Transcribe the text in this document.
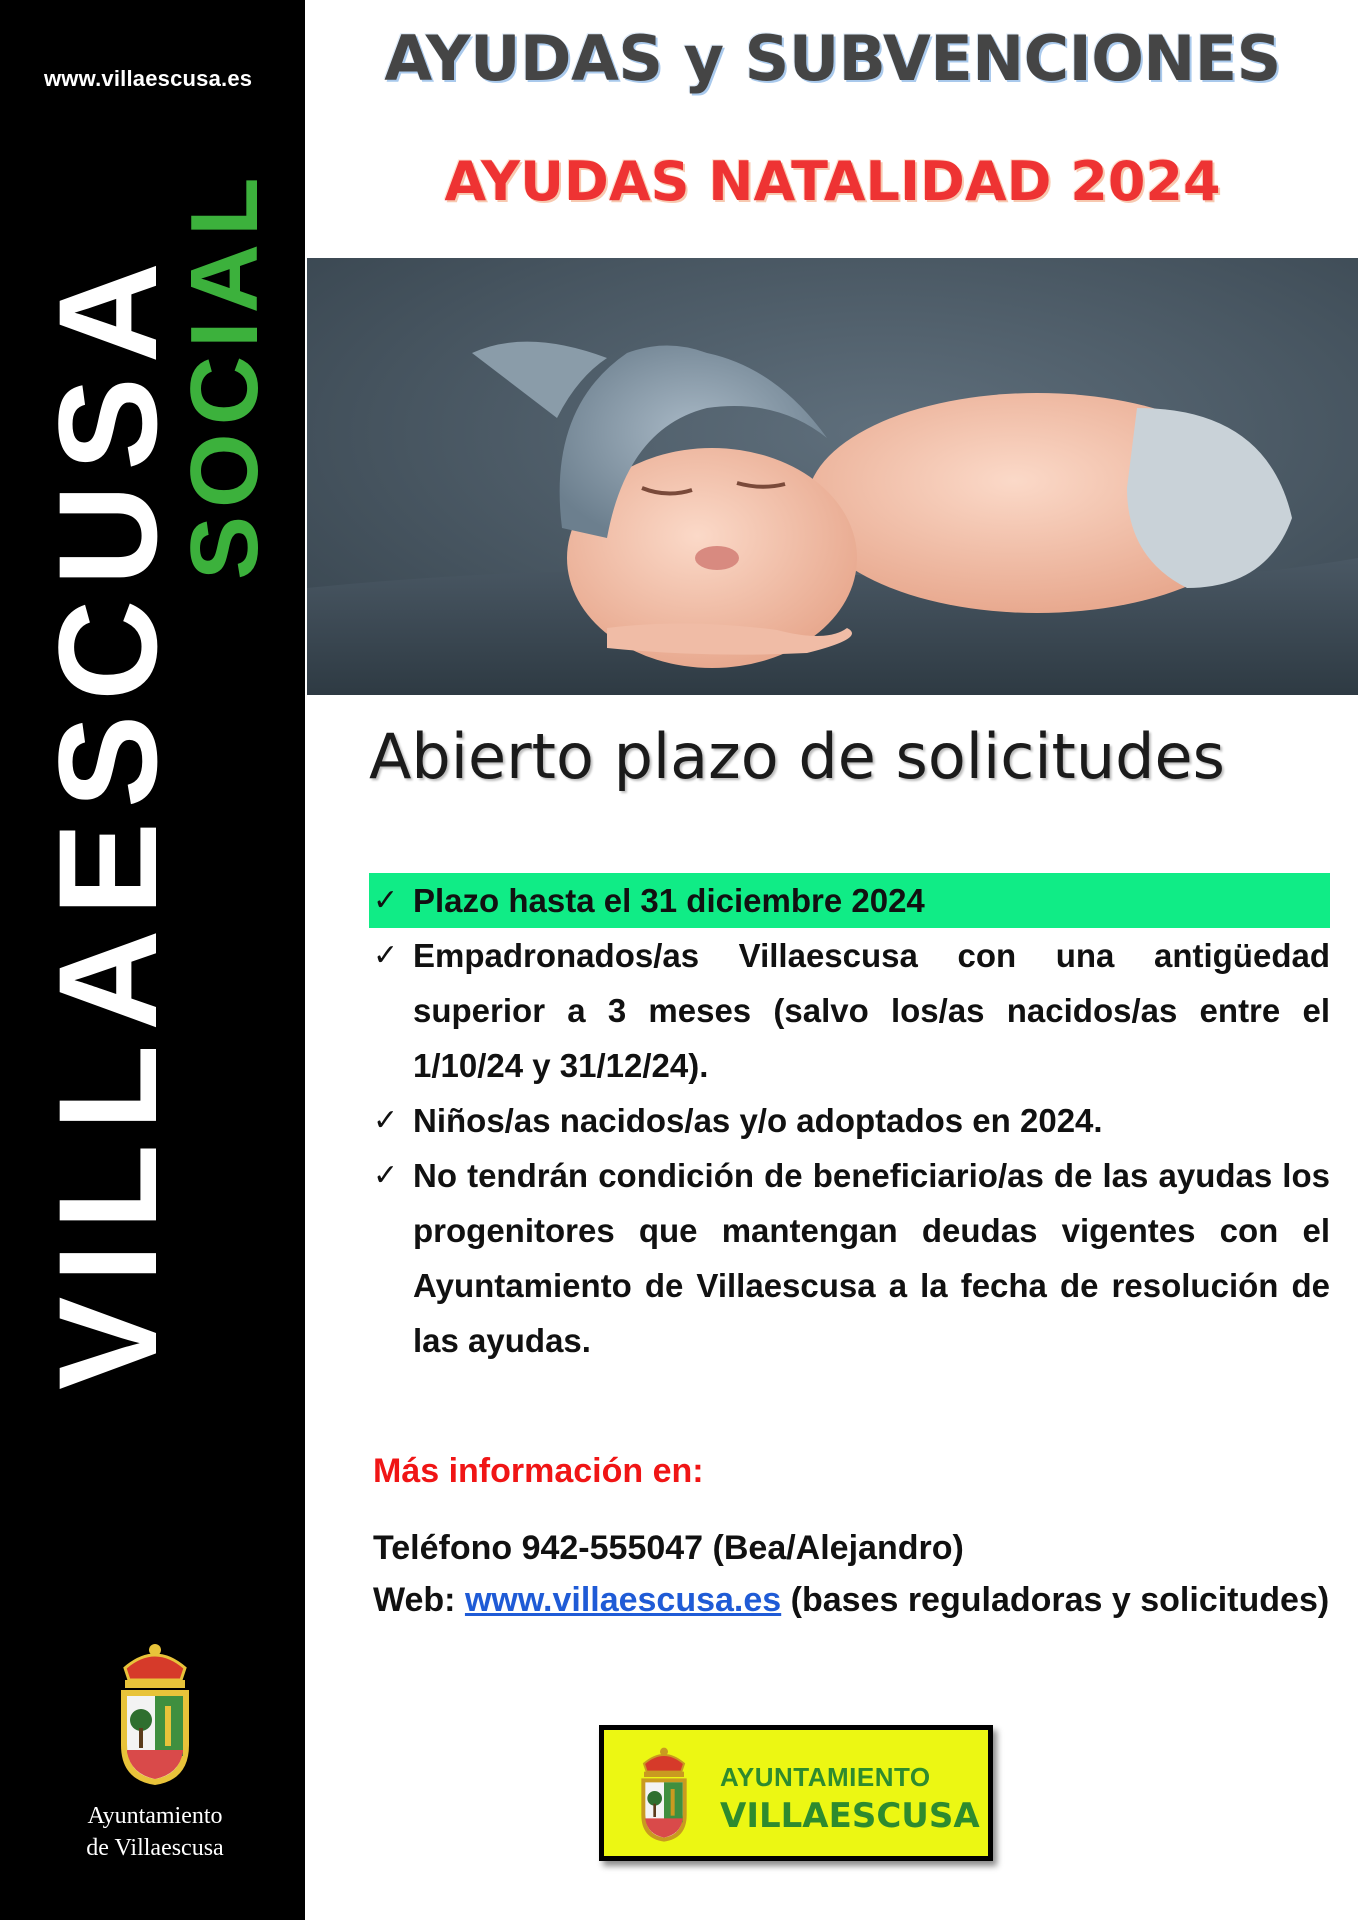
www.villaescusa.es
VILLAESCUSA
SOCIAL
Ayuntamiento
de Villaescusa
AYUDAS y SUBVENCIONES
AYUDAS NATALIDAD 2024
Abierto plazo de solicitudes
✓ Plazo hasta el 31 diciembre 2024
✓ Empadronados/as Villaescusa con una antigüedad superior a 3 meses (salvo los/as nacidos/as entre el 1/10/24 y 31/12/24).
✓ Niños/as nacidos/as y/o adoptados en 2024.
✓ No tendrán condición de beneficiario/as de las ayudas los progenitores que mantengan deudas vigentes con el Ayuntamiento de Villaescusa a la fecha de resolución de las ayudas.
Más información en:
Teléfono 942-555047 (Bea/Alejandro)
Web: www.villaescusa.es (bases reguladoras y solicitudes)
AYUNTAMIENTO
VILLAESCUSA
